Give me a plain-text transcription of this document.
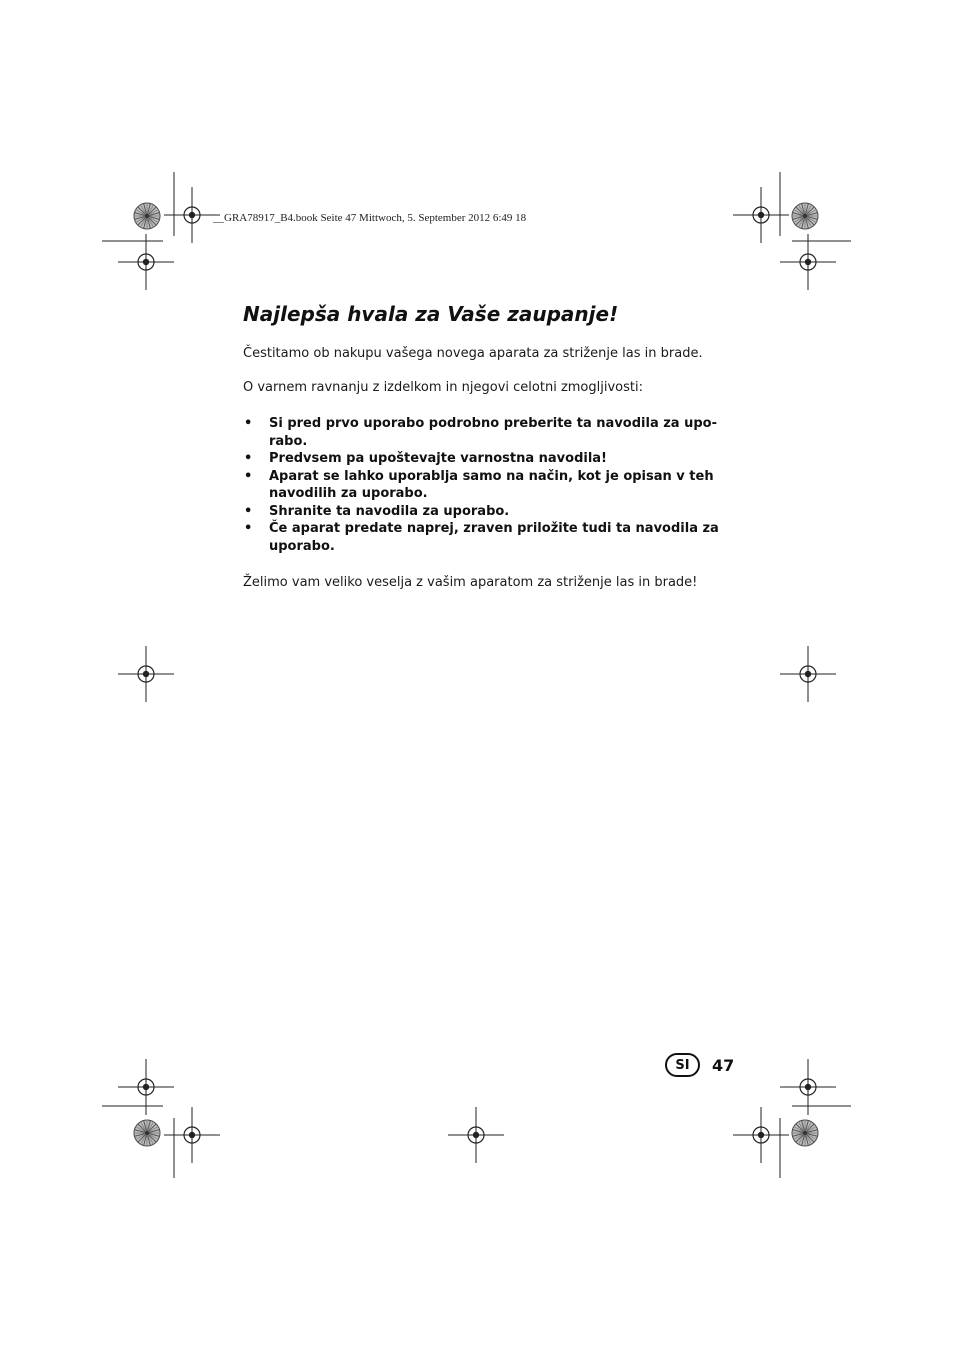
__GRA78917_B4.book Seite 47 Mittwoch, 5. September 2012 6:49 18
Najlepša hvala za Vaše zaupanje!

Čestitamo ob nakupu vašega novega aparata za striženje las in brade.

O varnem ravnanju z izdelkom in njegovi celotni zmogljivosti:

• Si pred prvo uporabo podrobno preberite ta navodila za upo-
rabo.
• Predvsem pa upoštevajte varnostna navodila!
• Aparat se lahko uporablja samo na način, kot je opisan v teh
navodilih za uporabo.
• Shranite ta navodila za uporabo.
• Če aparat predate naprej, zraven priložite tudi ta navodila za
uporabo.

Želimo vam veliko veselja z vašim aparatom za striženje las in brade!

SI	47
